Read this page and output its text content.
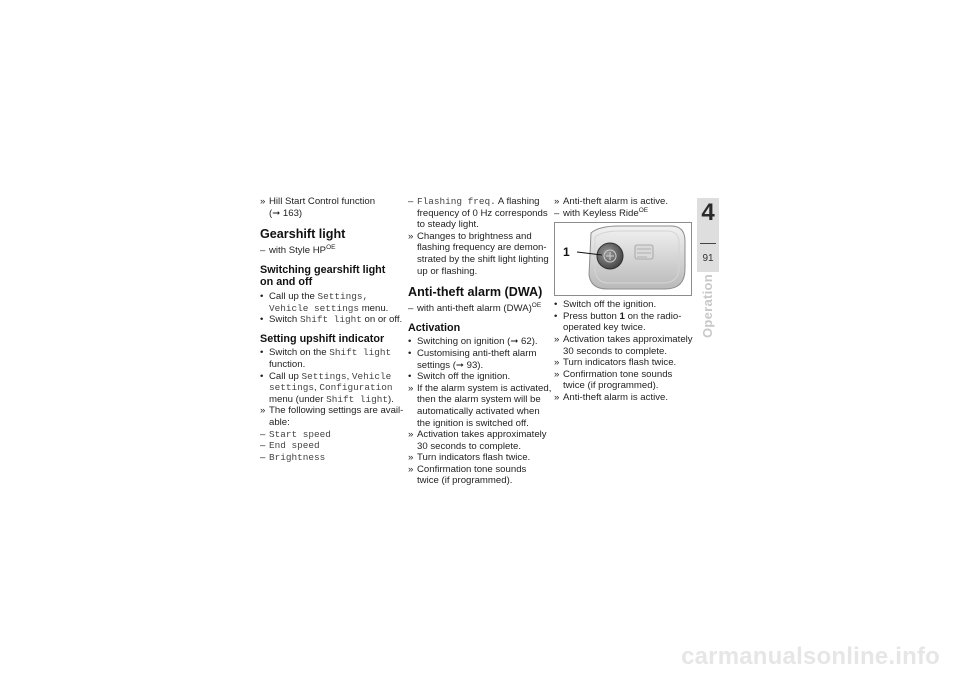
» Hill Start Control function
(➞ 163)
Gearshift light
– with Style $HP^{OE}$
Switching gearshift light
on and off
• Call up the Settings,
Vehicle settings menu.
• Switch Shift light on or off.
Setting upshift indicator
• Switch on the Shift light
function.
• Call up Settings, Vehicle
settings, Configuration
menu (under Shift light).
» The following settings are avail-
able:
– Start speed
– End speed
– Brightness
– Flashing freq. A flashing
frequency of 0 Hz corresponds
to steady light.
» Changes to brightness and
flashing frequency are demon-
strated by the shift light lighting
up or flashing.
Anti-theft alarm (DWA)
– with anti-theft alarm (DWA)$^{OE}$
Activation
• Switching on ignition (➞ 62).
• Customising anti-theft alarm
settings (➞ 93).
• Switch off the ignition.
» If the alarm system is activated,
then the alarm system will be
automatically activated when
the ignition is switched off.
» Activation takes approximately
30 seconds to complete.
» Turn indicators flash twice.
» Confirmation tone sounds
twice (if programmed).
» Anti-theft alarm is active.
– with Keyless Ride$^{OE}$
1
• Switch off the ignition.
• Press button 1 on the radio-
operated key twice.
» Activation takes approximately
30 seconds to complete.
» Turn indicators flash twice.
» Confirmation tone sounds
twice (if programmed).
» Anti-theft alarm is active.
4
91
Operation
carmanualsonline.info
